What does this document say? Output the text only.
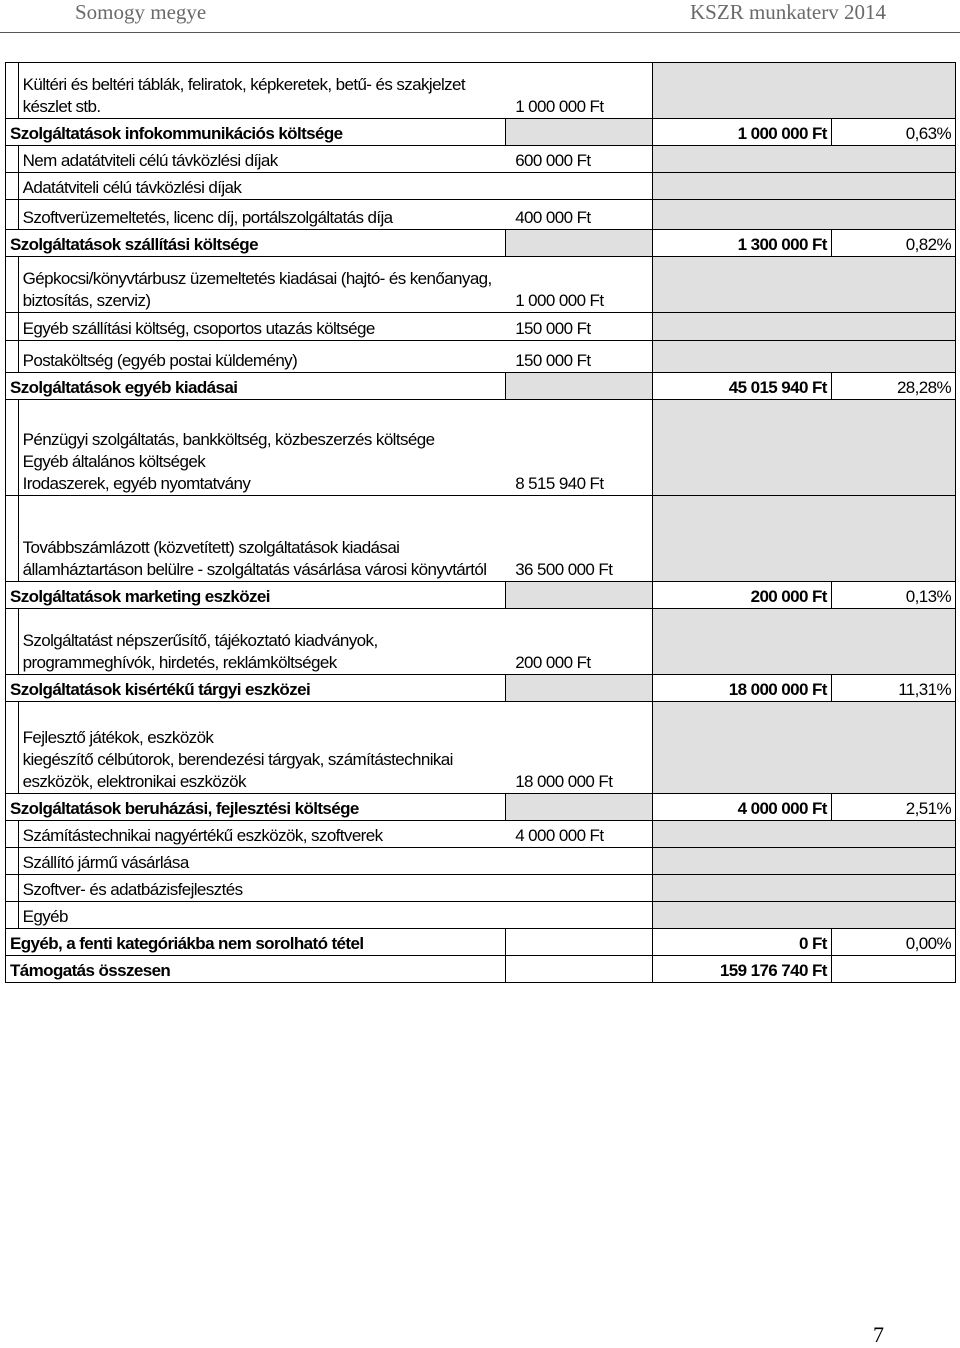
Somogy megye	KSZR munkaterv 2014
	Kültéri és beltéri táblák, feliratok, képkeretek, betű- és szakjelzet készlet stb.	1 000 000 Ft		
Szolgáltatások infokommunikációs költsége			1 000 000 Ft	0,63%
	Nem adatátviteli célú távközlési díjak	600 000 Ft		
	Adatátviteli célú távközlési díjak			
	Szoftverüzemeltetés, licenc díj, portálszolgáltatás díja	400 000 Ft		
Szolgáltatások szállítási költsége			1 300 000 Ft	0,82%
	Gépkocsi/könyvtárbusz üzemeltetés kiadásai (hajtó- és kenőanyag, biztosítás, szerviz)	1 000 000 Ft		
	Egyéb szállítási költség, csoportos utazás költsége	150 000 Ft		
	Postaköltség (egyéb postai küldemény)	150 000 Ft		
Szolgáltatások egyéb kiadásai			45 015 940 Ft	28,28%
	Pénzügyi szolgáltatás, bankköltség, közbeszerzés költsége
Egyéb általános költségek
Irodaszerek, egyéb nyomtatvány	8 515 940 Ft		
	Továbbszámlázott (közvetített) szolgáltatások kiadásai államháztartáson belülre - szolgáltatás vásárlása városi könyvtártól	36 500 000 Ft		
Szolgáltatások marketing eszközei			200 000 Ft	0,13%
	Szolgáltatást népszerűsítő, tájékoztató kiadványok, programmeghívók, hirdetés, reklámköltségek	200 000 Ft		
Szolgáltatások kisértékű tárgyi eszközei			18 000 000 Ft	11,31%
	Fejlesztő játékok, eszközök
kiegészítő célbútorok, berendezési tárgyak, számítástechnikai eszközök, elektronikai eszközök	18 000 000 Ft		
Szolgáltatások beruházási, fejlesztési költsége			4 000 000 Ft	2,51%
	Számítástechnikai nagyértékű eszközök, szoftverek	4 000 000 Ft		
	Szállító jármű vásárlása			
	Szoftver- és adatbázisfejlesztés			
	Egyéb			
Egyéb, a fenti kategóriákba nem sorolható tétel			0 Ft	0,00%
Támogatás összesen			159 176 740 Ft	
7
